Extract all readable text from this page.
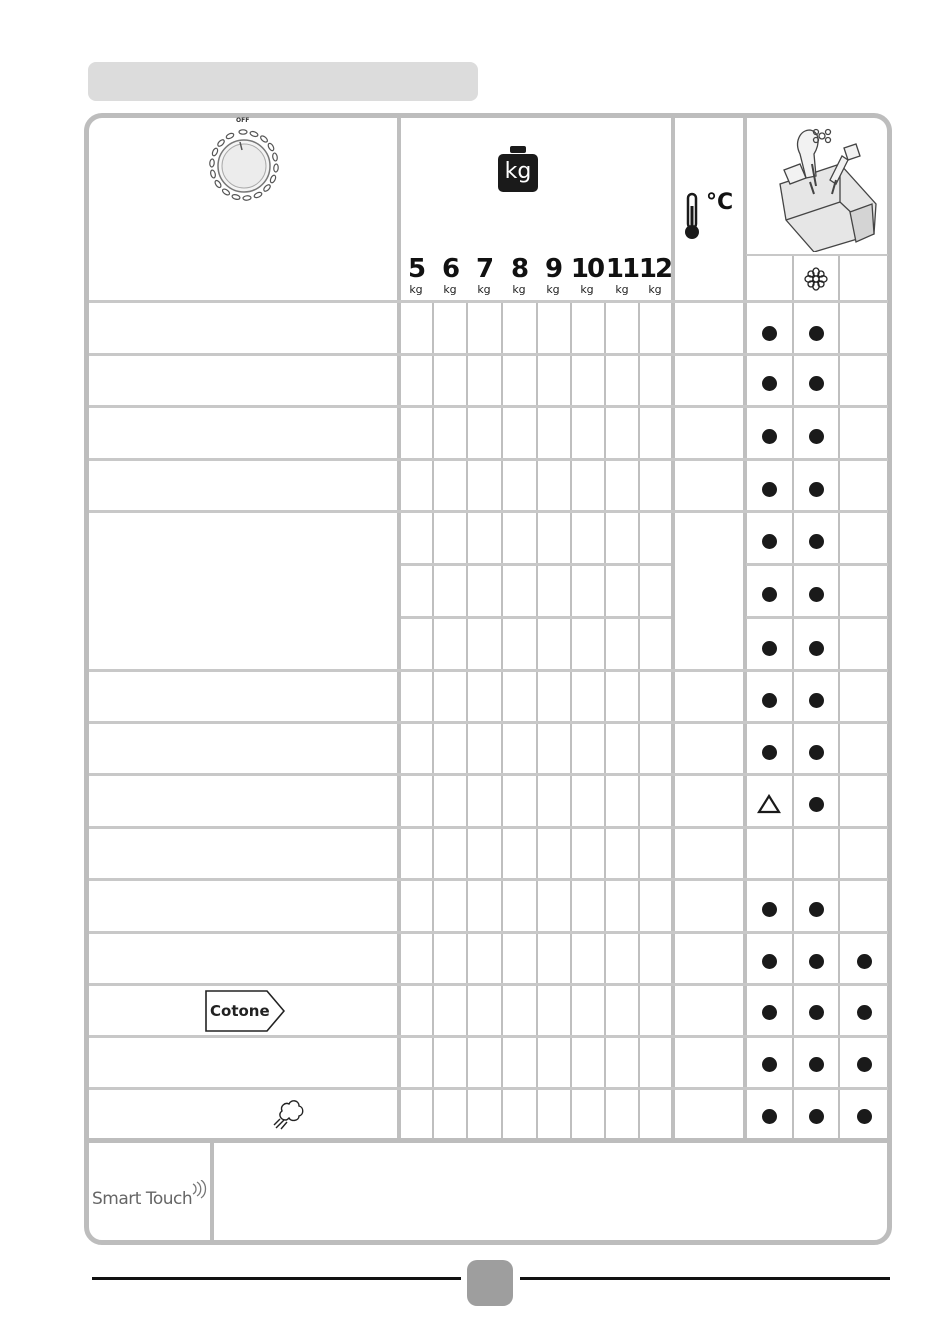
OFF
kg
5
kg
6
kg
7
kg
8
kg
9
kg
10
kg
11
kg
12
kg
°C
Cotone
Smart Touch
